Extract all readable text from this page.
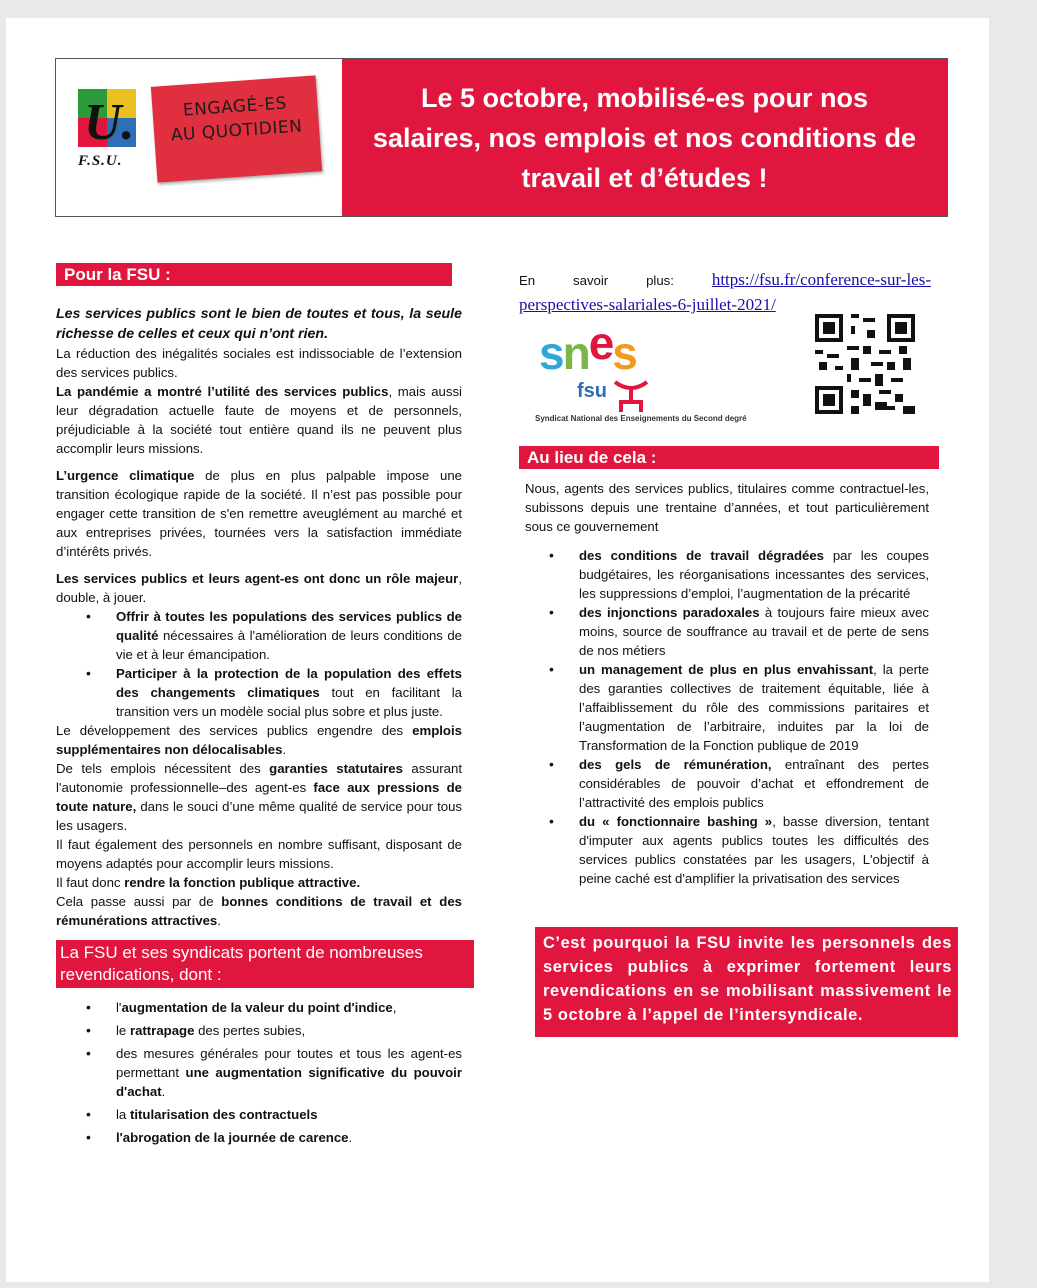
U.
F.S.U.
ENGAGÉ-ES
AU QUOTIDIEN
Le 5 octobre, mobilisé-es pour nos salaires, nos emplois et nos conditions de travail et d’études !
Pour la FSU :

Les services publics sont le bien de toutes et tous, la seule richesse de celles et ceux qui n’ont rien.

La réduction des inégalités sociales est indissociable de l’extension des services publics.

La pandémie a montré l’utilité des services publics, mais aussi leur dégradation actuelle faute de moyens et de personnels, préjudiciable à la société tout entière quand ils ne peuvent plus accomplir leurs missions.

L’urgence climatique de plus en plus palpable impose une transition écologique rapide de la société. Il n’est pas possible pour engager cette transition de s'en remettre aveuglément au marché et aux entreprises privées, tournées vers la satisfaction immédiate d’intérêts privés.

Les services publics et leurs agent-es ont donc un rôle majeur, double, à jouer.

• Offrir à toutes les populations des services publics de qualité nécessaires à l'amélioration de leurs conditions de vie et à leur émancipation.
• Participer à la protection de la population des effets des changements climatiques tout en facilitant la transition vers un modèle social plus sobre et plus juste.

Le développement des services publics engendre des emplois supplémentaires non délocalisables.

De tels emplois nécessitent des garanties statutaires assurant l'autonomie professionnelle–des agent-es face aux pressions de toute nature, dans le souci d’une même qualité de service pour tous les usagers.

Il faut également des personnels en nombre suffisant, disposant de moyens adaptés pour accomplir leurs missions.

Il faut donc rendre la fonction publique attractive.

Cela passe aussi par de bonnes conditions de travail et des rémunérations attractives.

La FSU et ses syndicats portent de nombreuses revendications, dont :
• l'augmentation de la valeur du point d'indice,
• le rattrapage des pertes subies,
• des mesures générales pour toutes et tous les agent-es permettant une augmentation significative du pouvoir d'achat.
• la titularisation des contractuels
• l'abrogation de la journée de carence.

En savoir plus: https://fsu.fr/conference-sur-les-perspectives-salariales-6-juillet-2021/

snes
fsu
Syndicat National des Enseignements du Second degré
Au lieu de cela :

Nous, agents des services publics, titulaires comme contractuel-les, subissons depuis une trentaine d’années, et tout particulièrement sous ce gouvernement

• des conditions de travail dégradées par les coupes budgétaires, les réorganisations incessantes des services, les suppressions d’emploi, l’augmentation de la précarité
• des injonctions paradoxales à toujours faire mieux avec moins, source de souffrance au travail et de perte de sens de nos métiers
• un management de plus en plus envahissant, la perte des garanties collectives de traitement équitable, liée à l’affaiblissement du rôle des commissions paritaires et l’augmentation de l’arbitraire, induites par la loi de Transformation de la Fonction publique de 2019
• des gels de rémunération, entraînant des pertes considérables de pouvoir d’achat et effondrement de l’attractivité des emplois publics
• du « fonctionnaire bashing », basse diversion, tentant d'imputer aux agents publics toutes les difficultés des services publics constatées par les usagers, L'objectif à peine caché est d'amplifier la privatisation des services
C’est pourquoi la FSU invite les personnels des services publics à exprimer fortement leurs revendications en se mobilisant massivement le 5 octobre à l’appel de l’intersyndicale.
